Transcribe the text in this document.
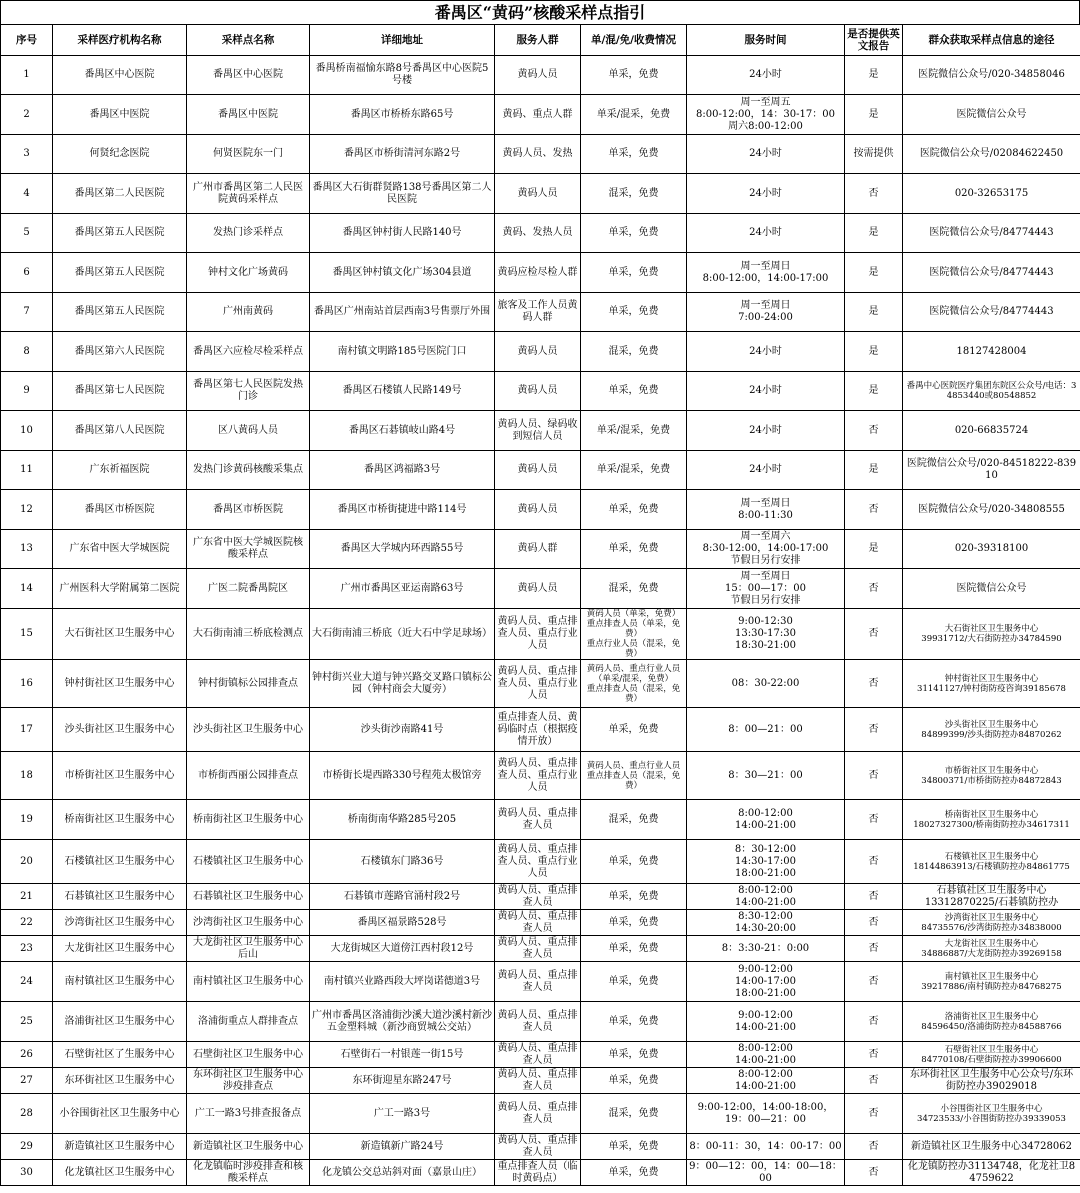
番禺区“黄码”核酸采样点指引
序号	采样医疗机构名称	采样点名称	详细地址	服务人群	单/混/免/收费情况	服务时间	是否提供英文报告	群众获取采样点信息的途径
1	番禺区中心医院	番禺区中心医院	番禺桥南福愉东路8号番禺区中心医院5号楼	黄码人员	单采，免费	24小时	是	医院微信公众号/020-34858046
2	番禺区中医院	番禺区中医院	番禺区市桥桥东路65号	黄码、重点人群	单采/混采，免费	周一至周五
8:00-12:00，14：30-17：00
周六8:00-12:00	是	医院微信公众号
3	何贤纪念医院	何贤医院东一门	番禺区市桥街清河东路2号	黄码人员、发热	单采，免费	24小时	按需提供	医院微信公众号/02084622450
4	番禺区第二人民医院	广州市番禺区第二人民医院黄码采样点	番禺区大石街群贤路138号番禺区第二人民医院	黄码人员	混采，免费	24小时	否	020-32653175
5	番禺区第五人民医院	发热门诊采样点	番禺区钟村街人民路140号	黄码、发热人员	单采，免费	24小时	是	医院微信公众号/84774443
6	番禺区第五人民医院	钟村文化广场黄码	番禺区钟村镇文化广场304县道	黄码应检尽检人群	单采，免费	周一至周日
8:00-12:00，14:00-17:00	是	医院微信公众号/84774443
7	番禺区第五人民医院	广州南黄码	番禺区广州南站首层西南3号售票厅外围	旅客及工作人员黄码人群	单采，免费	周一至周日
7:00-24:00	是	医院微信公众号/84774443
8	番禺区第六人民医院	番禺区六应检尽检采样点	南村镇文明路185号医院门口	黄码人员	混采，免费	24小时	是	18127428004
9	番禺区第七人民医院	番禺区第七人民医院发热门诊	番禺区石楼镇人民路149号	黄码人员	单采，免费	24小时	是	番禺中心医院医疗集团东院区公众号/电话：34853440或80548852
10	番禺区第八人民医院	区八黄码人员	番禺区石碁镇岐山路4号	黄码人员、绿码收到短信人员	单采/混采，免费	24小时	否	020-66835724
11	广东祈福医院	发热门诊黄码核酸采集点	番禺区鸿福路3号	黄码人员	单采/混采，免费	24小时	是	医院微信公众号/020-84518222-83910
12	番禺区市桥医院	番禺区市桥医院	番禺区市桥街捷进中路114号	黄码人员	单采，免费	周一至周日
8:00-11:30	否	医院微信公众号/020-34808555
13	广东省中医大学城医院	广东省中医大学城医院核酸采样点	番禺区大学城内环西路55号	黄码人群	单采，免费	周一至周六
8:30-12:00，14:00-17:00
节假日另行安排	是	020-39318100
14	广州医科大学附属第二医院	广医二院番禺院区	广州市番禺区亚运南路63号	黄码人员	混采，免费	周一至周日
15：00—17：00
节假日另行安排	否	医院微信公众号
15	大石街社区卫生服务中心	大石街南浦三桥底检测点	大石街南浦三桥底（近大石中学足球场）	黄码人员、重点排查人员、重点行业人员	黄码人员（单采，免费）
重点排查人员（单采，免费）
重点行业人员（混采，免费）	9:00-12:30
13:30-17:30
18:30-21:00	否	大石街社区卫生服务中心
39931712/大石街防控办34784590
16	钟村街社区卫生服务中心	钟村街镇标公园排查点	钟村街兴业大道与钟兴路交叉路口镇标公园（钟村商会大厦旁）	黄码人员、重点排查人员、重点行业人员	黄码人员、重点行业人员（单采/混采，免费）
重点排查人员（混采，免费）	08：30-22:00	否	钟村街社区卫生服务中心
31141127/钟村街防疫咨询39185678
17	沙头街社区卫生服务中心	沙头街社区卫生服务中心	沙头街沙南路41号	重点排查人员、黄码临时点（根据疫情开放）	单采，免费	8：00—21：00	否	沙头街社区卫生服务中心
84899399/沙头街防控办84870262
18	市桥街社区卫生服务中心	市桥街西丽公园排查点	市桥街长堤西路330号程苑太极馆旁	黄码人员、重点排查人员、重点行业人员	黄码人员、重点行业人员
重点排查人员（混采，免费）	8：30—21：00	否	市桥街社区卫生服务中心
34800371/市桥街防控办84872843
19	桥南街社区卫生服务中心	桥南街社区卫生服务中心	桥南街南华路285号205	黄码人员、重点排查人员	混采，免费	8:00-12:00
14:00-21:00	否	桥南街社区卫生服务中心
18027327300/桥南街防控办34617311
20	石楼镇社区卫生服务中心	石楼镇社区卫生服务中心	石楼镇东门路36号	黄码人员、重点排查人员、重点行业人员	单采，免费	8：30-12:00
14:30-17:00
18:00-21:00	否	石楼镇社区卫生服务中心
18144863913/石楼镇防控办84861775
21	石碁镇社区卫生服务中心	石碁镇社区卫生服务中心	石碁镇市莲路官涌村段2号	黄码人员、重点排查人员	单采，免费	8:00-12:00
14:00-21:00	否	石碁镇社区卫生服务中心
13312870225/石碁镇防控办
22	沙湾街社区卫生服务中心	沙湾街社区卫生服务中心	番禺区福景路528号	黄码人员、重点排查人员	单采，免费	8:30-12:00
14:30-20:00	否	沙湾街社区卫生服务中心
84735576/沙湾街防控办34838000
23	大龙街社区卫生服务中心	大龙街社区卫生服务中心后山	大龙街城区大道傍江西村段12号	黄码人员、重点排查人员	单采，免费	8：3:30-21：0:00	否	大龙街社区卫生服务中心
34886887/大龙街防控办39269158
24	南村镇社区卫生服务中心	南村镇社区卫生服务中心	南村镇兴业路西段大坪岗诺德道3号	黄码人员、重点排查人员	单采，免费	9:00-12:00
14:00-17:00
18:00-21:00	否	南村镇社区卫生服务中心
39217886/南村镇防控办84768275
25	洛浦街社区卫生服务中心	洛浦街重点人群排查点	广州市番禺区洛浦街沙溪大道沙溪村新沙五金塑料城（新沙商贸城公交站）	黄码人员、重点排查人员	单采，免费	9:00-12:00
14:00-21:00	否	洛浦街社区卫生服务中心
84596450/洛浦街防控办84588766
26	石壁街社区了生服务中心	石壁街社区卫生服务中心	石壁街石一村银莲一街15号	黄码人员、重点排查人员	单采，免费	8:00-12:00
14:00-21:00	否	石壁街社区卫生服务中心
84770108/石壁街防控办39906600
27	东环街社区卫生服务中心	东环街社区卫生服务中心涉疫排查点	东环街迎星东路247号	黄码人员、重点排查人员	单采，免费	8:00-12:00
14:00-21:00	否	东环街社区卫生服务中心公众号/东环街防控办39029018
28	小谷围街社区卫生服务中心	广工一路3号排查报备点	广工一路3号	黄码人员、重点排查人员	混采，免费	9:00-12:00，14:00-18:00，
19：00—21：00	否	小谷围街社区卫生服务中心
34723533/小谷围街防控办39339053
29	新造镇社区卫生服务中心	新造镇社区卫生服务中心	新造镇新广路24号	黄码人员、重点排查人员	单采，免费	8：00-11：30，14：00-17：00	否	新造镇社区卫生服务中心34728062
30	化龙镇社区卫生服务中心	化龙镇临时涉疫排查和核酸采样点	化龙镇公交总站斜对面（嘉景山庄）	重点排查人员（临时黄码点）	单采，免费	9：00—12：00，14：00—18：00	否	化龙镇防控办31134748，化龙社卫84759622
